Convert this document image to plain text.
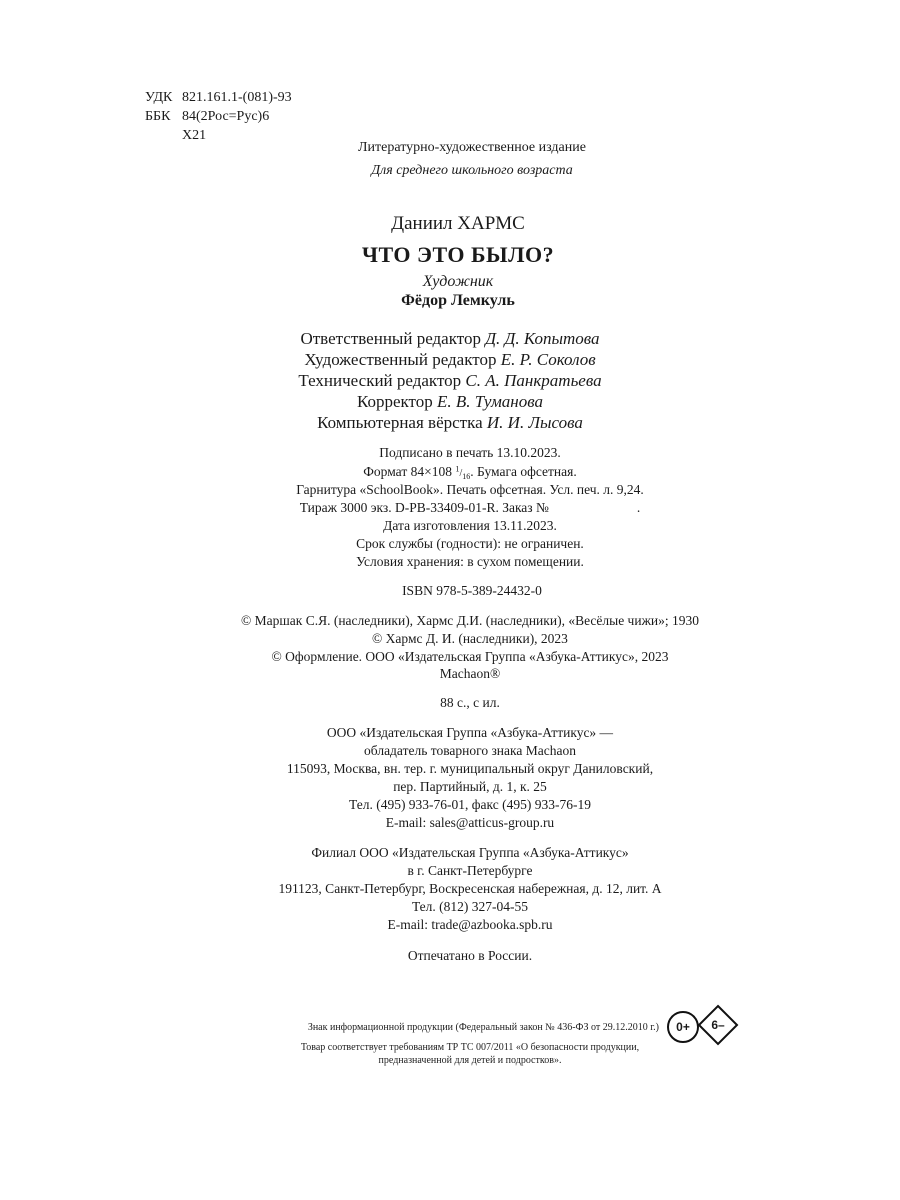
УДК 821.161.1-(081)-93
ББК 84(2Рос=Рус)6
Х21
Литературно-художественное издание
Для среднего школьного возраста
Даниил ХАРМС
ЧТО ЭТО БЫЛО?
Художник
Фёдор Лемкуль
Ответственный редактор Д. Д. Копытова
Художественный редактор Е. Р. Соколов
Технический редактор С. А. Панкратьева
Корректор Е. В. Туманова
Компьютерная вёрстка И. И. Лысова
Подписано в печать 13.10.2023.
Формат 84×108 $^1/_{16}$. Бумага офсетная.
Гарнитура «SchoolBook». Печать офсетная. Усл. печ. л. 9,24.
Тираж 3000 экз. D-PB-33409-01-R. Заказ №	.
Дата изготовления 13.11.2023.
Срок службы (годности): не ограничен.
Условия хранения: в сухом помещении.
ISBN 978-5-389-24432-0
© Маршак С.Я. (наследники), Хармс Д.И. (наследники), «Весёлые чижи»; 1930
© Хармс Д. И. (наследники), 2023
© Оформление. ООО «Издательская Группа «Азбука-Аттикус», 2023
Machaon®
88 с., с ил.
ООО «Издательская Группа «Азбука-Аттикус» —
обладатель товарного знака Machaon
115093, Москва, вн. тер. г. муниципальный округ Даниловский,
пер. Партийный, д. 1, к. 25
Тел. (495) 933-76-01, факс (495) 933-76-19
E-mail: sales@atticus-group.ru
Филиал ООО «Издательская Группа «Азбука-Аттикус»
в г. Санкт-Петербурге
191123, Санкт-Петербург, Воскресенская набережная, д. 12, лит. А
Тел. (812) 327-04-55
E-mail: trade@azbooka.spb.ru
Отпечатано в России.
Знак информационной продукции (Федеральный закон № 436-ФЗ от 29.12.2010 г.)
Товар соответствует требованиям ТР ТС 007/2011 «О безопасности продукции,
предназначенной для детей и подростков».
0+	6–
